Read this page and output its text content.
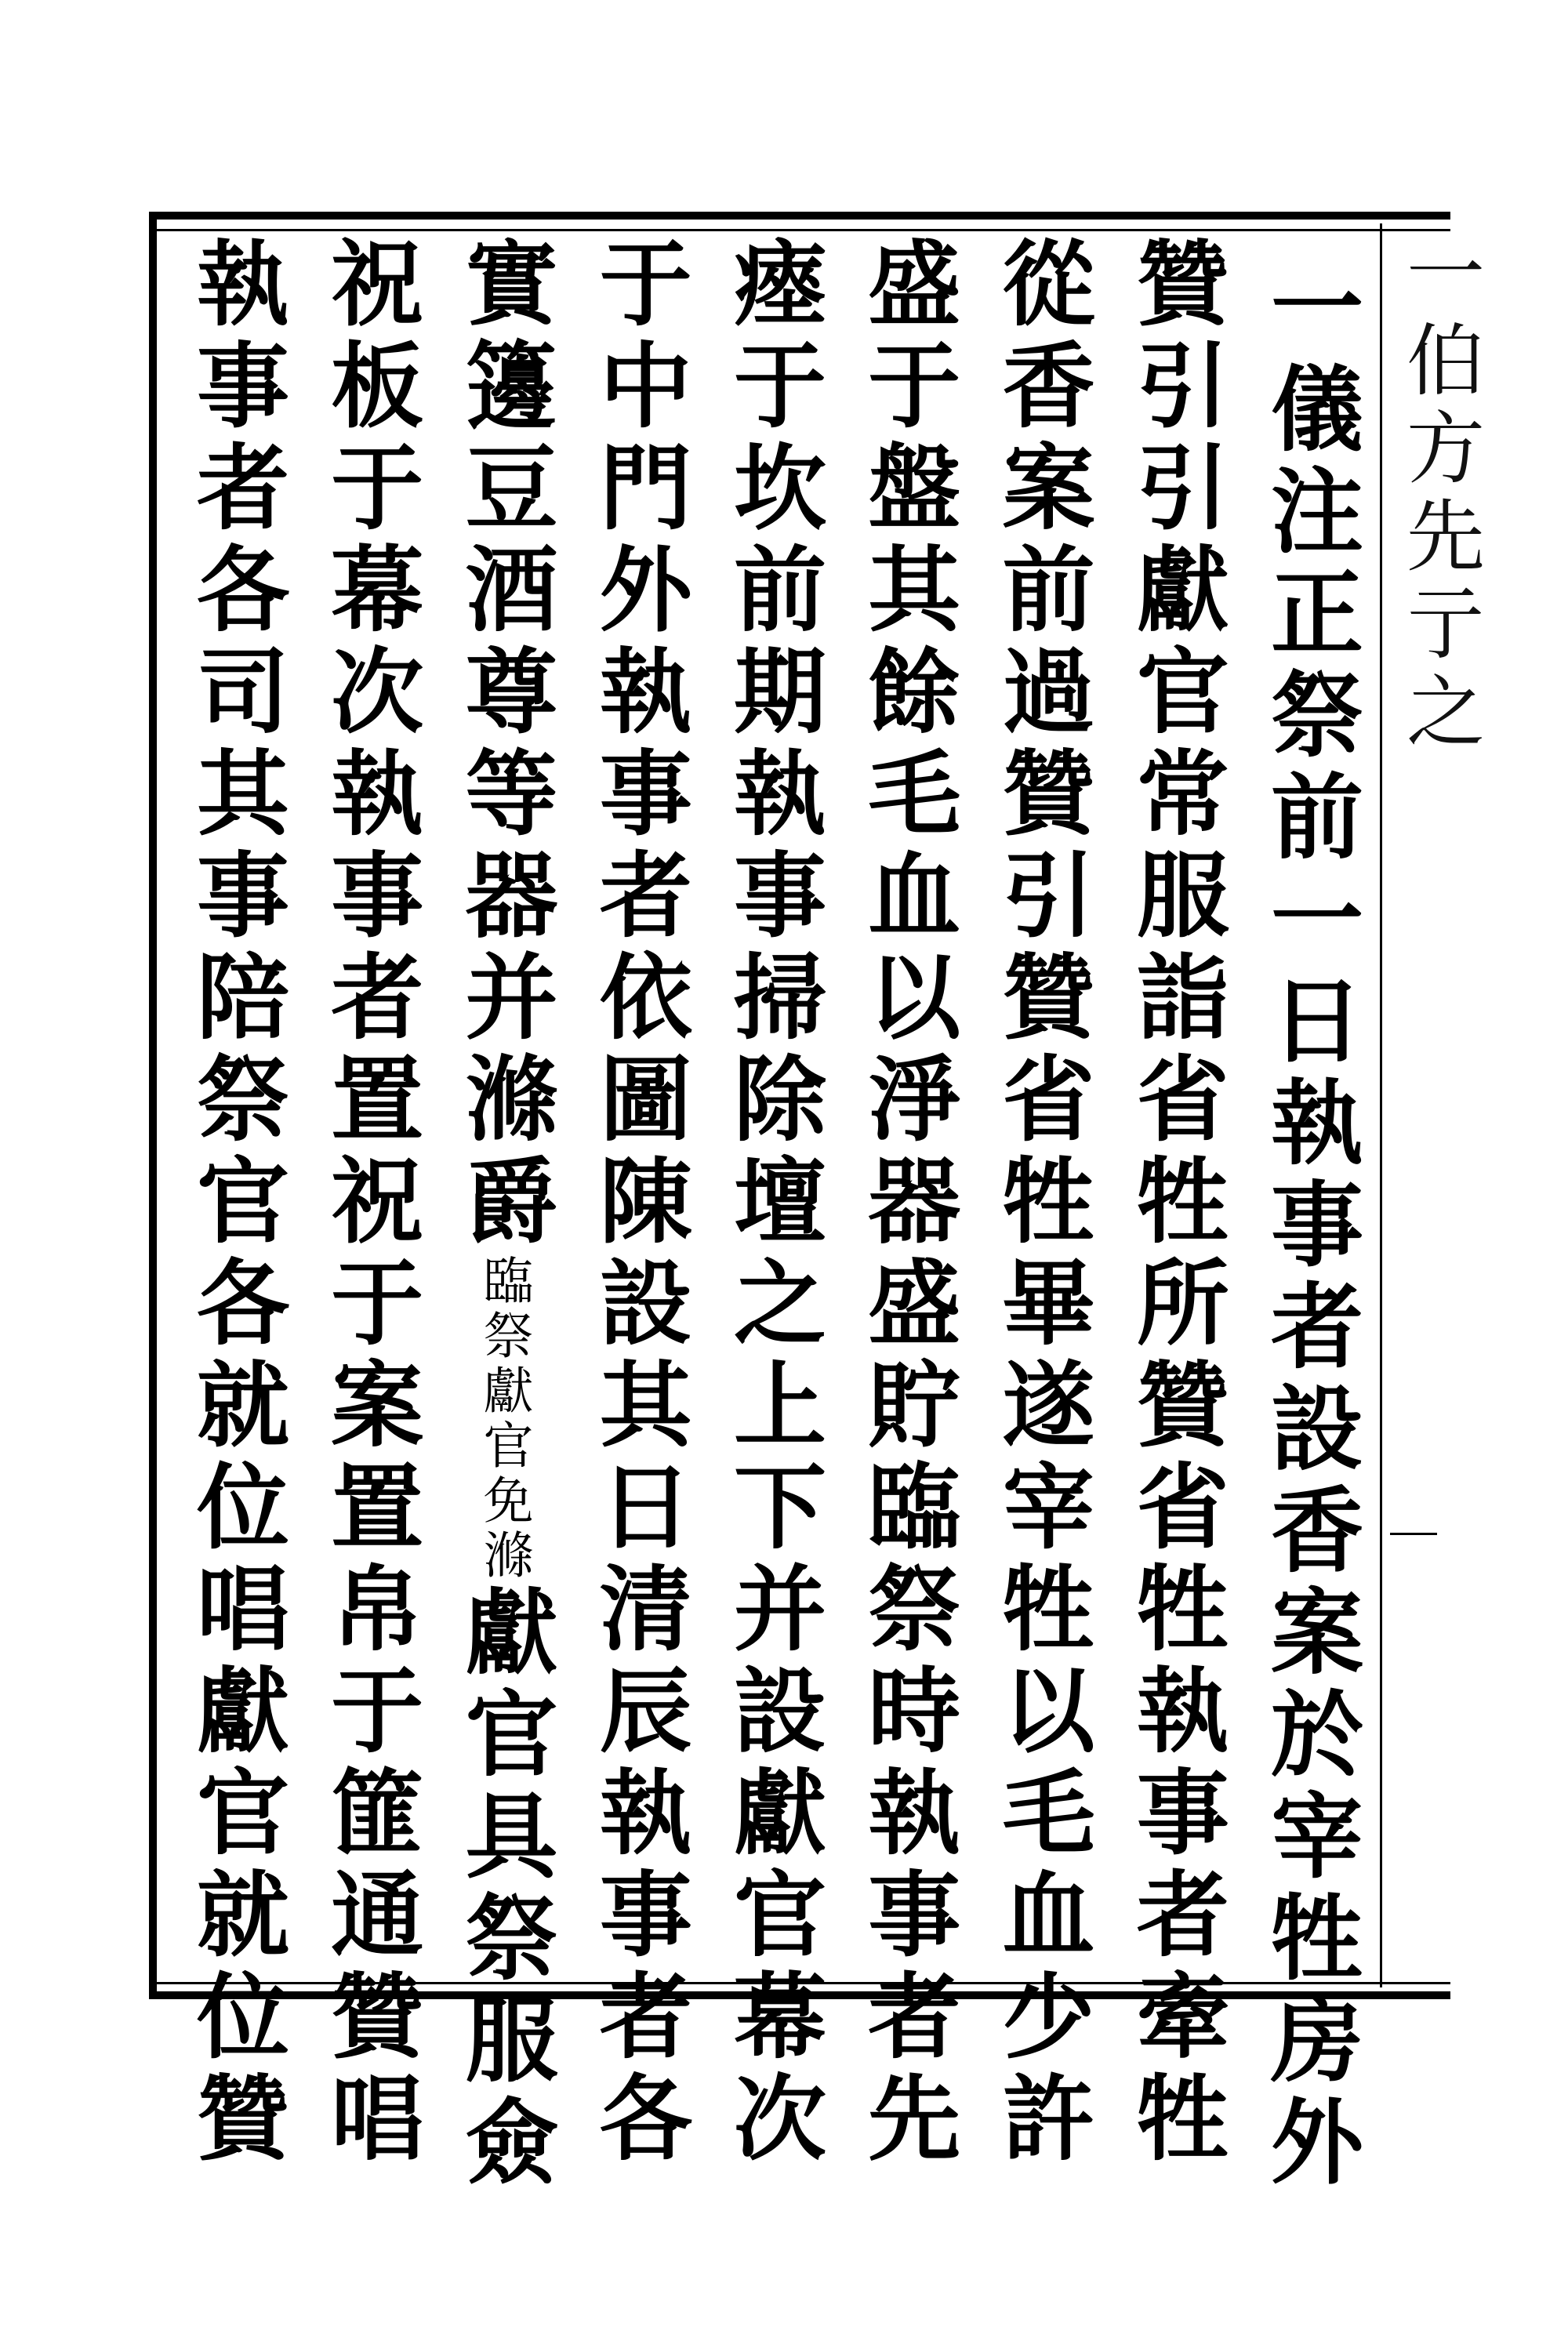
一伯方先亍之
一儀注正祭前一日執事者設香案於宰牲房外
贊引引獻官常服詣省牲所贊省牲執事者牽牲
從香案前過贊引贊省牲畢遂宰牲以毛血少許
盛于盤其餘毛血以淨器盛貯臨祭時執事者先
瘞于坎前期執事掃除壇之上下并設獻官幕次
于中門外執事者依圖陳設其日清辰執事者各
實籩豆酒尊等器并滌爵臨祭獻官免滌獻官具祭服僉
祝板于幕次執事者置祝于案置帛于篚通贊唱
執事者各司其事陪祭官各就位唱獻官就位贊
